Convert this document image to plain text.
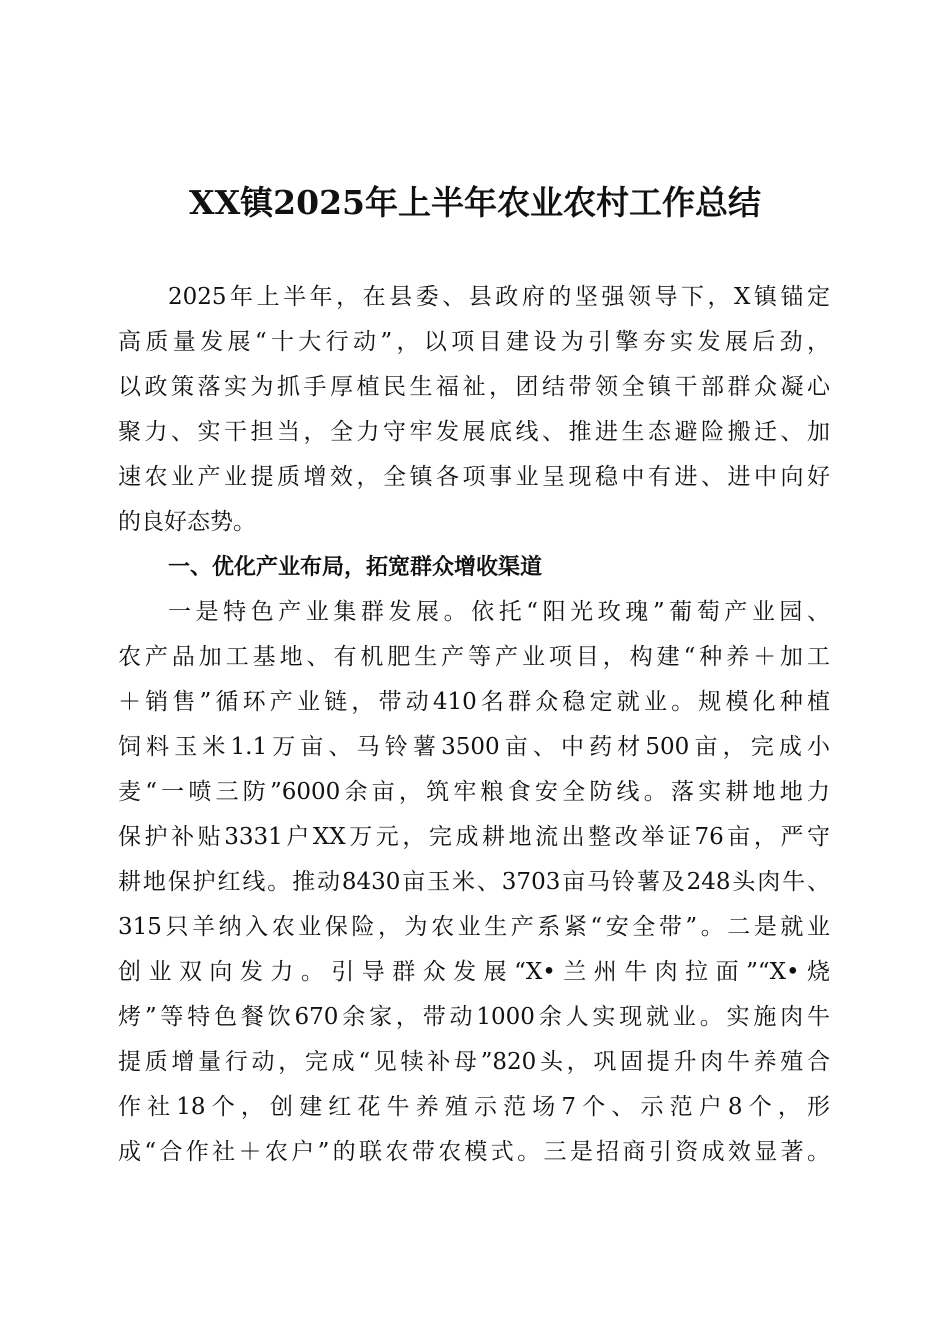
XX镇2025年上半年农业农村工作总结
2025年上半年，在县委、县政府的坚强领导下，X镇锚定
高质量发展“十大行动”，以项目建设为引擎夯实发展后劲，
以政策落实为抓手厚植民生福祉，团结带领全镇干部群众凝心
聚力、实干担当，全力守牢发展底线、推进生态避险搬迁、加
速农业产业提质增效，全镇各项事业呈现稳中有进、进中向好
的良好态势。
一、优化产业布局，拓宽群众增收渠道
一是特色产业集群发展。依托“阳光玫瑰”葡萄产业园、
农产品加工基地、有机肥生产等产业项目，构建“种养＋加工
＋销售”循环产业链，带动410名群众稳定就业。规模化种植
饲料玉米1.1万亩、马铃薯3500亩、中药材500亩，完成小
麦“一喷三防”6000余亩，筑牢粮食安全防线。落实耕地地力
保护补贴3331户XX万元，完成耕地流出整改举证76亩，严守
耕地保护红线。推动8430亩玉米、3703亩马铃薯及248头肉牛、
315只羊纳入农业保险，为农业生产系紧“安全带”。二是就业
创业双向发力。引导群众发展“X•兰州牛肉拉面”“X•烧
烤”等特色餐饮670余家，带动1000余人实现就业。实施肉牛
提质增量行动，完成“见犊补母”820头，巩固提升肉牛养殖合
作社18个，创建红花牛养殖示范场7个、示范户8个，形
成“合作社＋农户”的联农带农模式。三是招商引资成效显著。
